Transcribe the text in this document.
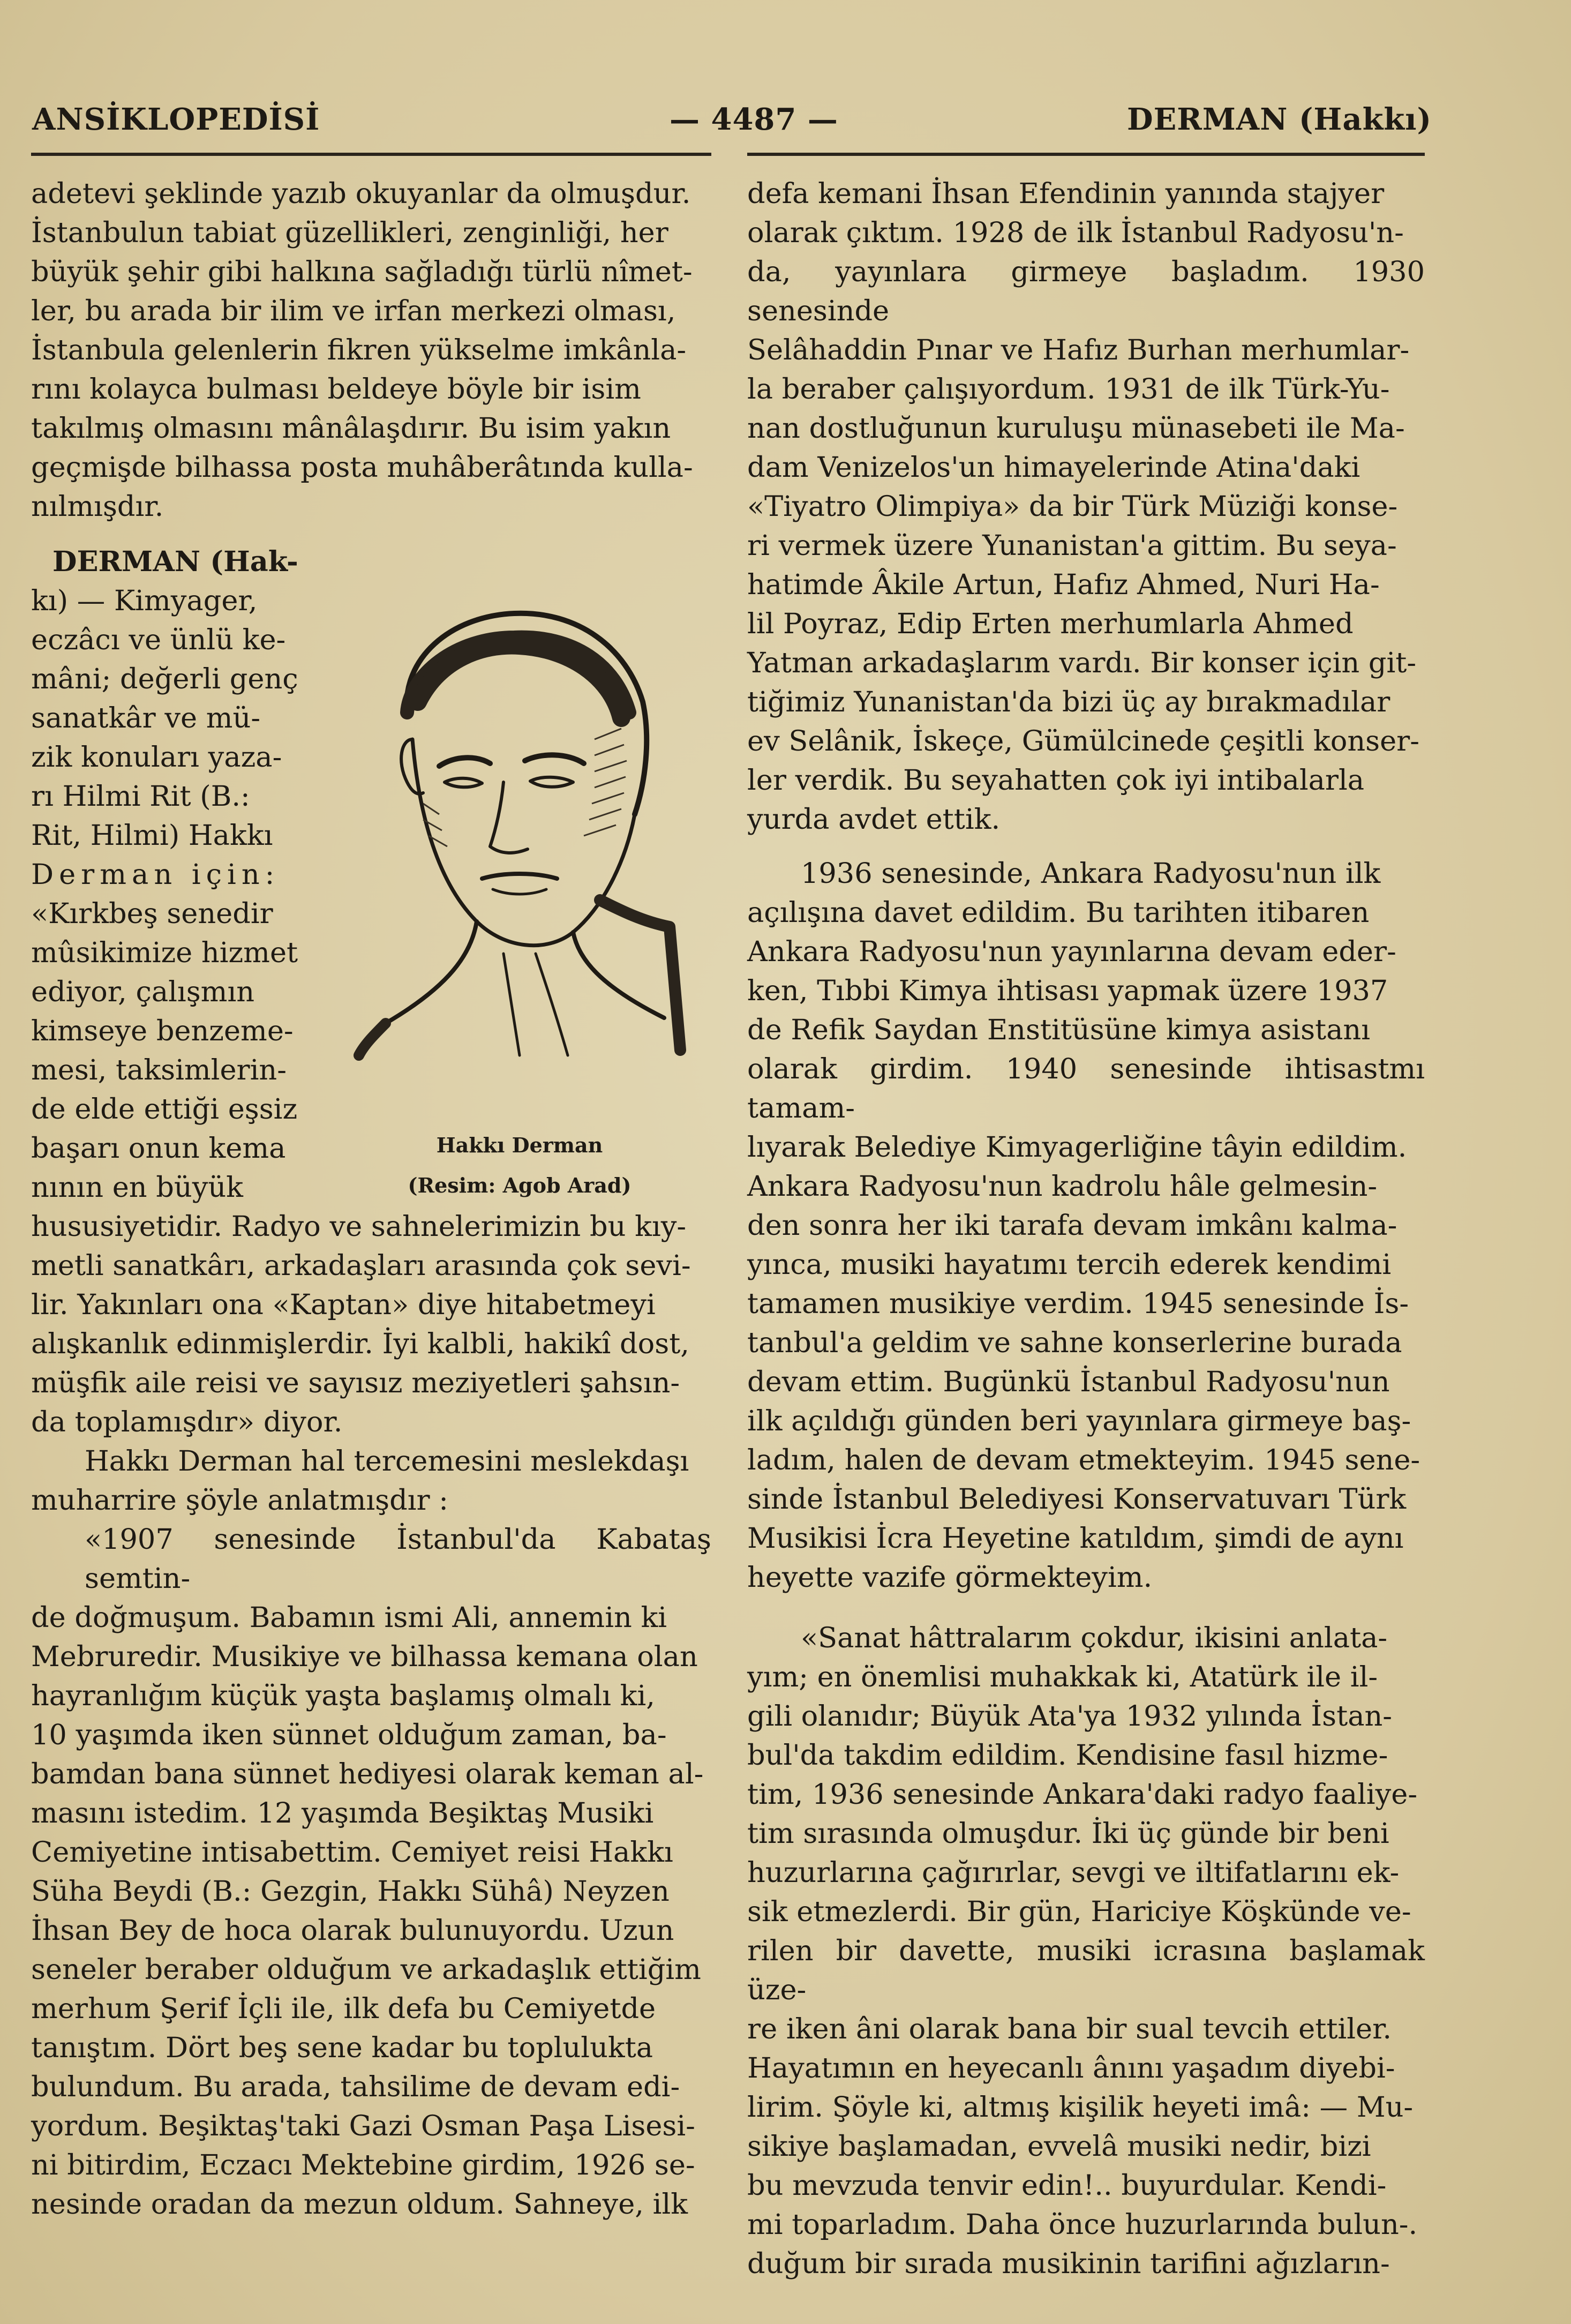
ANSİKLOPEDİSİ	— 4487 —	DERMAN (Hakkı)
adetevi şeklinde yazıb okuyanlar da olmuşdur.
İstanbulun tabiat güzellikleri, zenginliği, her
büyük şehir gibi halkına sağladığı türlü nîmet-
ler, bu arada bir ilim ve irfan merkezi olması,
İstanbula gelenlerin fikren yükselme imkânla-
rını kolayca bulması beldeye böyle bir isim
takılmış olmasını mânâlaşdırır. Bu isim yakın
geçmişde bilhassa posta muhâberâtında kulla-
nılmışdır.
DERMAN (Hak-
kı) — Kimyager,
eczâcı ve ünlü ke-
mâni; değerli genç
sanatkâr ve mü-
zik konuları yaza-
rı Hilmi Rit (B.:
Rit, Hilmi) Hakkı
Derman için:
«Kırkbeş senedir
mûsikimize hizmet
ediyor, çalışmın
kimseye benzeme-
mesi, taksimlerin-
de elde ettiği eşsiz
başarı onun kema
nının en büyük
hususiyetidir. Radyo ve sahnelerimizin bu kıy-
metli sanatkârı, arkadaşları arasında çok sevi-
lir. Yakınları ona «Kaptan» diye hitabetmeyi
alışkanlık edinmişlerdir. İyi kalbli, hakikî dost,
müşfik aile reisi ve sayısız meziyetleri şahsın-
da toplamışdır» diyor.
Hakkı Derman hal tercemesini meslekdaşı
muharrire şöyle anlatmışdır :
«1907 senesinde İstanbul'da Kabataş semtin-
de doğmuşum. Babamın ismi Ali, annemin ki
Mebruredir. Musikiye ve bilhassa kemana olan
hayranlığım küçük yaşta başlamış olmalı ki,
10 yaşımda iken sünnet olduğum zaman, ba-
bamdan bana sünnet hediyesi olarak keman al-
masını istedim. 12 yaşımda Beşiktaş Musiki
Cemiyetine intisabettim. Cemiyet reisi Hakkı
Süha Beydi (B.: Gezgin, Hakkı Sühâ) Neyzen
İhsan Bey de hoca olarak bulunuyordu. Uzun
seneler beraber olduğum ve arkadaşlık ettiğim
merhum Şerif İçli ile, ilk defa bu Cemiyetde
tanıştım. Dört beş sene kadar bu toplulukta
bulundum. Bu arada, tahsilime de devam edi-
yordum. Beşiktaş'taki Gazi Osman Paşa Lisesi-
ni bitirdim, Eczacı Mektebine girdim, 1926 se-
nesinde oradan da mezun oldum. Sahneye, ilk
Hakkı Derman
(Resim: Agob Arad)
defa kemani İhsan Efendinin yanında stajyer
olarak çıktım. 1928 de ilk İstanbul Radyosu'n-
da, yayınlara girmeye başladım. 1930 senesinde
Selâhaddin Pınar ve Hafız Burhan merhumlar-
la beraber çalışıyordum. 1931 de ilk Türk-Yu-
nan dostluğunun kuruluşu münasebeti ile Ma-
dam Venizelos'un himayelerinde Atina'daki
«Tiyatro Olimpiya» da bir Türk Müziği konse-
ri vermek üzere Yunanistan'a gittim. Bu seya-
hatimde Âkile Artun, Hafız Ahmed, Nuri Ha-
lil Poyraz, Edip Erten merhumlarla Ahmed
Yatman arkadaşlarım vardı. Bir konser için git-
tiğimiz Yunanistan'da bizi üç ay bırakmadılar
ev Selânik, İskeçe, Gümülcinede çeşitli konser-
ler verdik. Bu seyahatten çok iyi intibalarla
yurda avdet ettik.
1936 senesinde, Ankara Radyosu'nun ilk
açılışına davet edildim. Bu tarihten itibaren
Ankara Radyosu'nun yayınlarına devam eder-
ken, Tıbbi Kimya ihtisası yapmak üzere 1937
de Refik Saydan Enstitüsüne kimya asistanı
olarak girdim. 1940 senesinde ihtisastmı tamam-
lıyarak Belediye Kimyagerliğine tâyin edildim.
Ankara Radyosu'nun kadrolu hâle gelmesin-
den sonra her iki tarafa devam imkânı kalma-
yınca, musiki hayatımı tercih ederek kendimi
tamamen musikiye verdim. 1945 senesinde İs-
tanbul'a geldim ve sahne konserlerine burada
devam ettim. Bugünkü İstanbul Radyosu'nun
ilk açıldığı günden beri yayınlara girmeye baş-
ladım, halen de devam etmekteyim. 1945 sene-
sinde İstanbul Belediyesi Konservatuvarı Türk
Musikisi İcra Heyetine katıldım, şimdi de aynı
heyette vazife görmekteyim.
«Sanat hâttralarım çokdur, ikisini anlata-
yım; en önemlisi muhakkak ki, Atatürk ile il-
gili olanıdır; Büyük Ata'ya 1932 yılında İstan-
bul'da takdim edildim. Kendisine fasıl hizme-
tim, 1936 senesinde Ankara'daki radyo faaliye-
tim sırasında olmuşdur. İki üç günde bir beni
huzurlarına çağırırlar, sevgi ve iltifatlarını ek-
sik etmezlerdi. Bir gün, Hariciye Köşkünde ve-
rilen bir davette, musiki icrasına başlamak üze-
re iken âni olarak bana bir sual tevcih ettiler.
Hayatımın en heyecanlı ânını yaşadım diyebi-
lirim. Şöyle ki, altmış kişilik heyeti imâ: — Mu-
sikiye başlamadan, evvelâ musiki nedir, bizi
bu mevzuda tenvir edin!.. buyurdular. Kendi-
mi toparladım. Daha önce huzurlarında bulun-.
duğum bir sırada musikinin tarifini ağızların-
